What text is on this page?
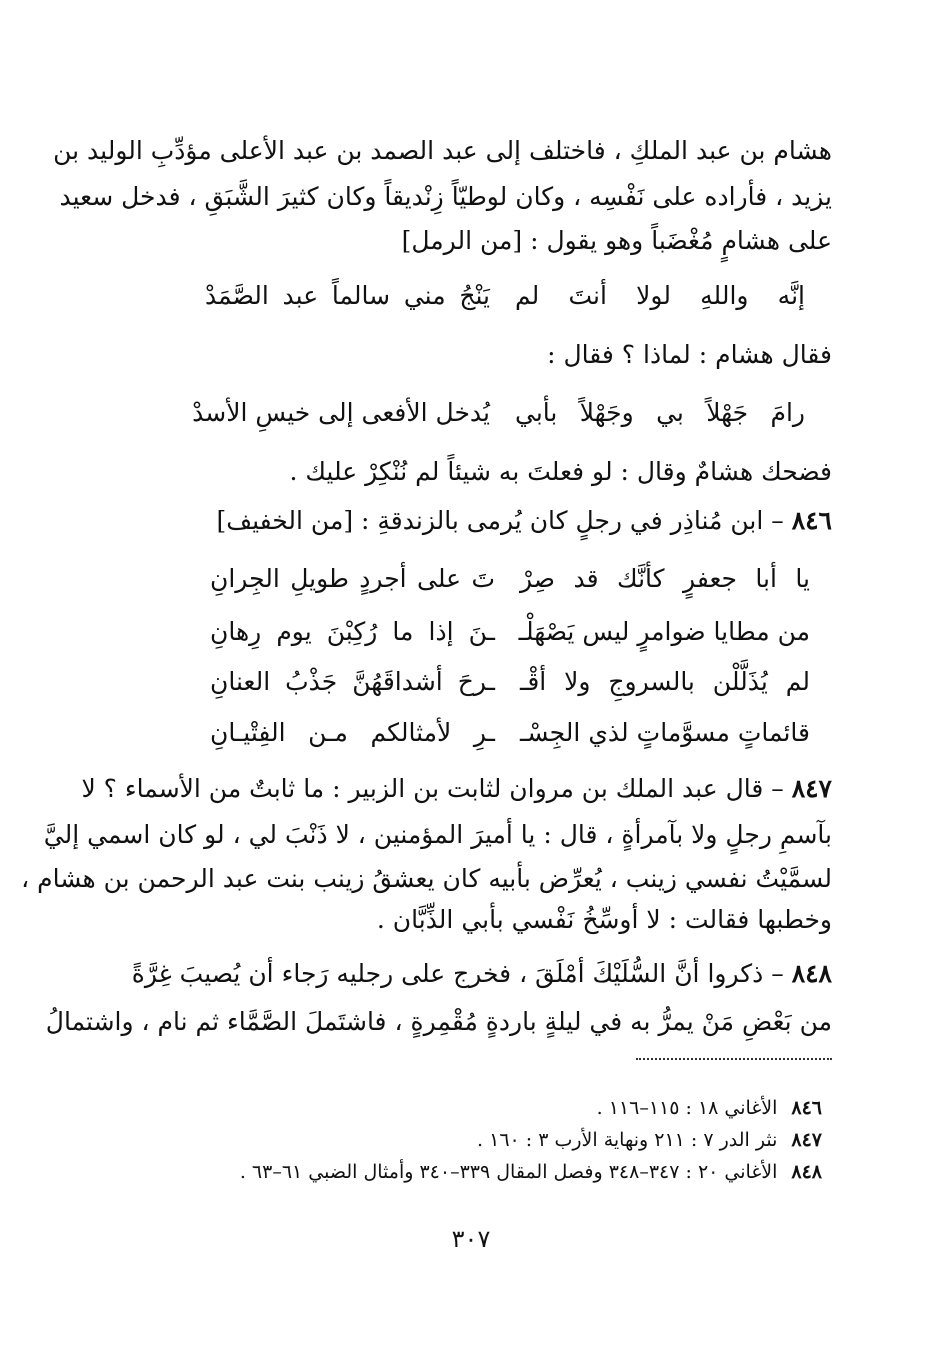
هشام بن عبد الملكِ ، فاختلف إلى عبد الصمد بن عبد الأعلى مؤدِّبِ الوليد بن
يزيد ، فأراده على نَفْسِه ، وكان لوطيّاً زِنْديقاً وكان كثيرَ الشَّبَقِ ، فدخل سعيد
على هشامٍ مُغْضَباً وهو يقول : [من الرمل]
إنَّه واللهِ لولا أنتَ لم
يَنْجُ مني سالماً عبد الصَّمَدْ
فقال هشام : لماذا ؟ فقال :
رامَ جَهْلاً بي وجَهْلاً بأبي
يُدخل الأفعى إلى خيسِ الأسدْ
فضحك هشامٌ وقال : لو فعلتَ به شيئاً لم نُنْكِرْ عليك .
٨٤٦ – ابن مُناذِر في رجلٍ كان يُرمى بالزندقةِ : [من الخفيف]
يا أبا جعفرٍ كأنَّك قد صِرْ
تَ على أجردٍ طويلِ الجِرانِ
من مطايا ضوامرٍ ليس يَصْهَلْـ
ـنَ إذا ما رُكِبْنَ يوم رِهانِ
لم يُذَلَّلْن بالسروجِ ولا أقْـ
ـرحَ أشداقَهُنَّ جَذْبُ العنانِ
قائماتٍ مسوَّماتٍ لذي الجِسْـ
ـرِ لأمثالكم مـن الفِتْيـانِ
٨٤٧ – قال عبد الملك بن مروان لثابت بن الزبير : ما ثابتٌ من الأسماء ؟ لا
بآسمِ رجلٍ ولا بآمرأةٍ ، قال : يا أميرَ المؤمنين ، لا ذَنْبَ لي ، لو كان اسمي إليَّ
لسمَّيْتُ نفسي زينب ، يُعرِّض بأبيه كان يعشقُ زينب بنت عبد الرحمن بن هشام ،
وخطبها فقالت : لا أوسِّخُ نَفْسي بأبي الذِّبَّان .
٨٤٨ – ذكروا أنَّ السُّلَيْكَ أمْلَقَ ، فخرج على رجليه رَجاء أن يُصيبَ غِرَّةً
من بَعْضِ مَنْ يمرُّ به في ليلةٍ باردةٍ مُقْمِرةٍ ، فاشتَملَ الصَّمَّاء ثم نام ، واشتمالُ
٨٤٦الأغاني ١٨ : ١١٥–١١٦ .
٨٤٧نثر الدر ٧ : ٢١١ ونهاية الأرب ٣ : ١٦٠ .
٨٤٨الأغاني ٢٠ : ٣٤٧–٣٤٨ وفصل المقال ٣٣٩–٣٤٠ وأمثال الضبي ٦١–٦٣ .
٣٠٧
